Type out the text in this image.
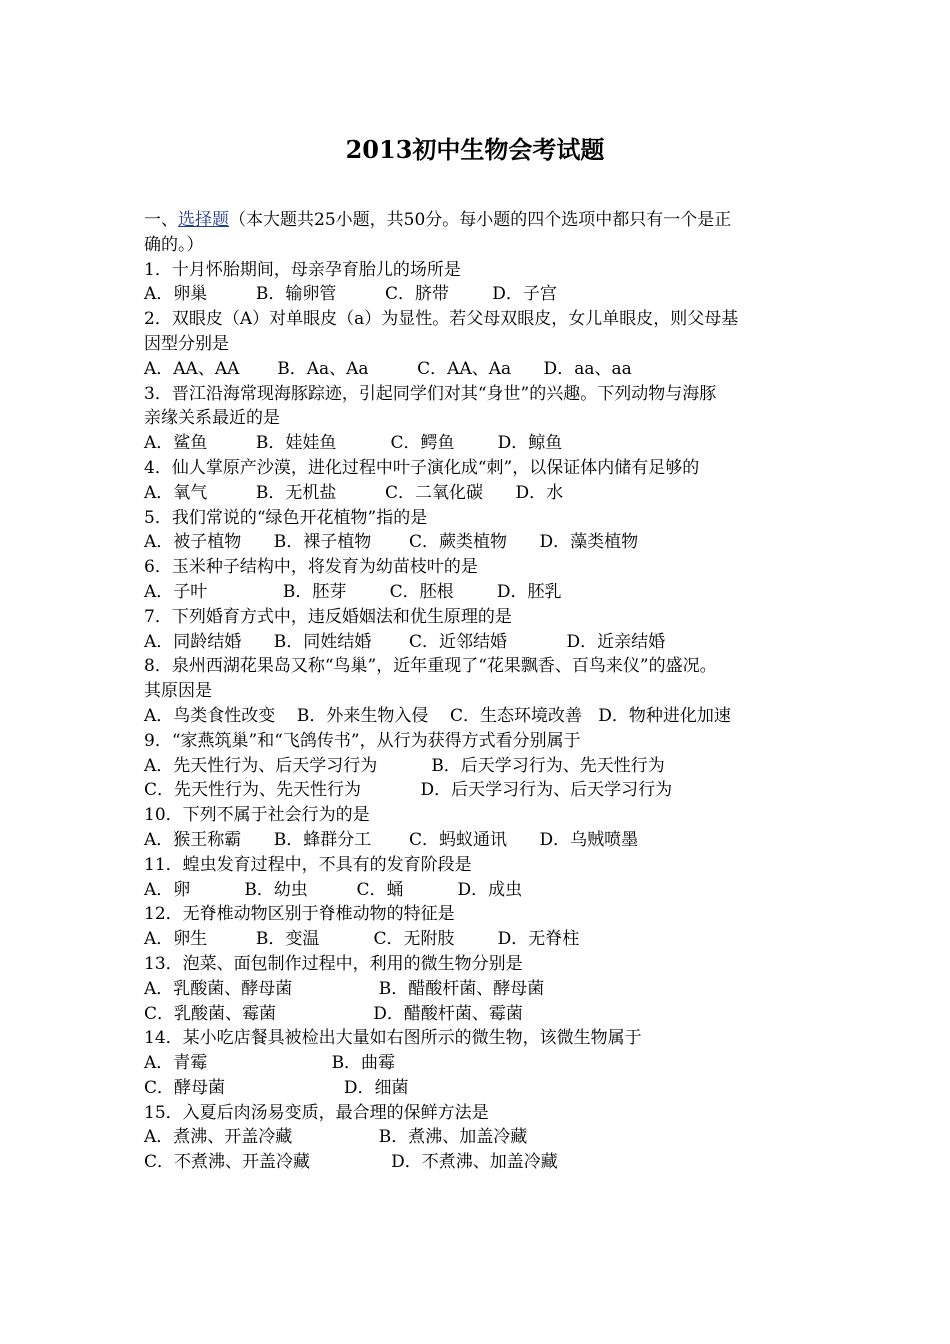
2013初中生物会考试题
一、选择题（本大题共25小题，共50分。每小题的四个选项中都只有一个是正
确的。）
1．十月怀胎期间，母亲孕育胎儿的场所是
A．卵巢         B．输卵管         C．脐带        D．子宫
2．双眼皮（A）对单眼皮（a）为显性。若父母双眼皮，女儿单眼皮，则父母基
因型分别是
A．AA、AA       B．Aa、Aa         C．AA、Aa      D．aa、aa
3．晋江沿海常现海豚踪迹，引起同学们对其“身世”的兴趣。下列动物与海豚
亲缘关系最近的是
A．鲨鱼         B．娃娃鱼          C．鳄鱼        D．鲸鱼
4．仙人掌原产沙漠，进化过程中叶子演化成“刺”，以保证体内储有足够的
A．氧气         B．无机盐         C．二氧化碳      D．水
5．我们常说的“绿色开花植物”指的是
A．被子植物      B．裸子植物       C．蕨类植物      D．藻类植物
6．玉米种子结构中，将发育为幼苗枝叶的是
A．子叶              B．胚芽        C．胚根        D．胚乳
7．下列婚育方式中，违反婚姻法和优生原理的是
A．同龄结婚      B．同姓结婚       C．近邻结婚           D．近亲结婚
8．泉州西湖花果岛又称“鸟巢”，近年重现了“花果飘香、百鸟来仪”的盛况。
其原因是
A．鸟类食性改变    B．外来生物入侵    C．生态环境改善   D．物种进化加速
9．“家燕筑巢”和“飞鸽传书”，从行为获得方式看分别属于
A．先天性行为、后天学习行为          B．后天学习行为、先天性行为
C．先天性行为、先天性行为           D．后天学习行为、后天学习行为
10．下列不属于社会行为的是
A．猴王称霸      B．蜂群分工       C．蚂蚁通讯      D．乌贼喷墨
11．蝗虫发育过程中，不具有的发育阶段是
A．卵          B．幼虫         C．蛹          D．成虫
12．无脊椎动物区别于脊椎动物的特征是
A．卵生         B．变温          C．无附肢        D．无脊柱
13．泡菜、面包制作过程中，利用的微生物分别是
A．乳酸菌、酵母菌                B．醋酸杆菌、酵母菌
C．乳酸菌、霉菌                  D．醋酸杆菌、霉菌
14．某小吃店餐具被检出大量如右图所示的微生物，该微生物属于
A．青霉                       B．曲霉
C．酵母菌                      D．细菌
15．入夏后肉汤易变质，最合理的保鲜方法是
A．煮沸、开盖冷藏                B．煮沸、加盖冷藏
C．不煮沸、开盖冷藏               D．不煮沸、加盖冷藏
